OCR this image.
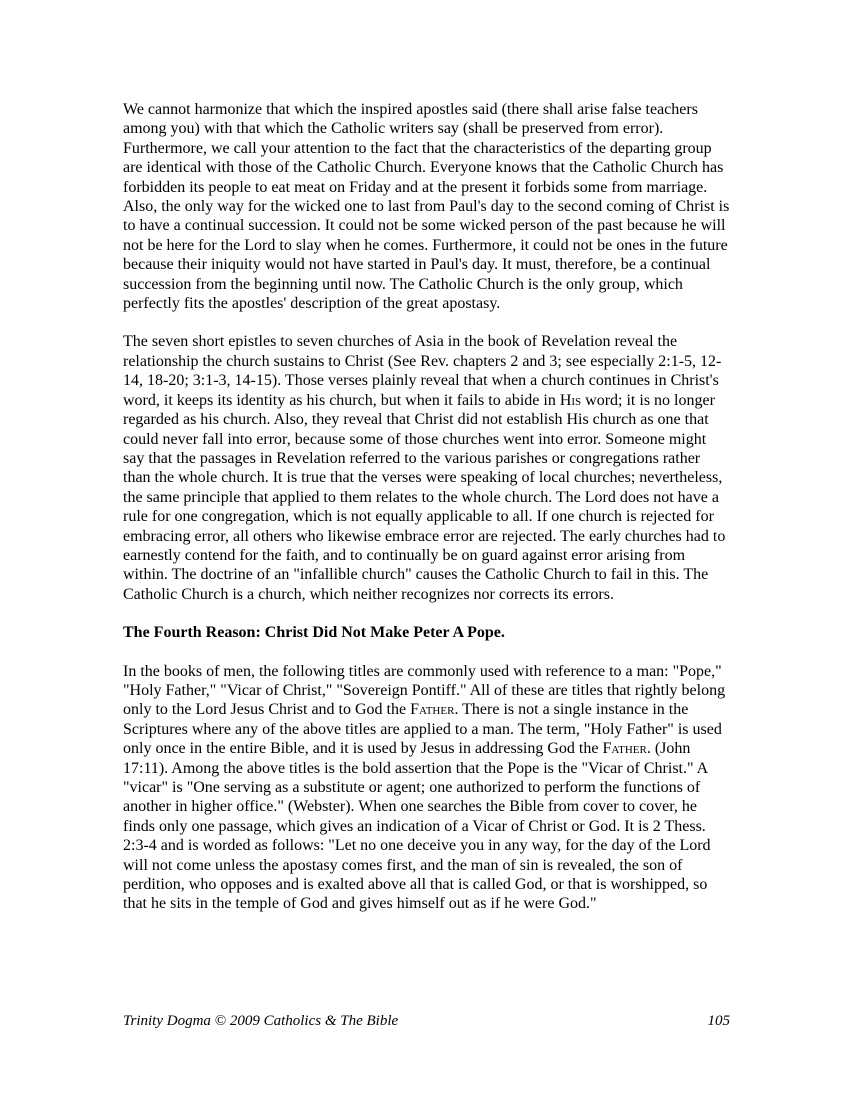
We cannot harmonize that which the inspired apostles said (there shall arise false teachers among you) with that which the Catholic writers say (shall be preserved from error). Furthermore, we call your attention to the fact that the characteristics of the departing group are identical with those of the Catholic Church. Everyone knows that the Catholic Church has forbidden its people to eat meat on Friday and at the present it forbids some from marriage. Also, the only way for the wicked one to last from Paul's day to the second coming of Christ is to have a continual succession. It could not be some wicked person of the past because he will not be here for the Lord to slay when he comes. Furthermore, it could not be ones in the future because their iniquity would not have started in Paul's day. It must, therefore, be a continual succession from the beginning until now. The Catholic Church is the only group, which perfectly fits the apostles' description of the great apostasy.

The seven short epistles to seven churches of Asia in the book of Revelation reveal the relationship the church sustains to Christ (See Rev. chapters 2 and 3; see especially 2:1-5, 12-14, 18-20; 3:1-3, 14-15). Those verses plainly reveal that when a church continues in Christ's word, it keeps its identity as his church, but when it fails to abide in His word; it is no longer regarded as his church. Also, they reveal that Christ did not establish His church as one that could never fall into error, because some of those churches went into error. Someone might say that the passages in Revelation referred to the various parishes or congregations rather than the whole church. It is true that the verses were speaking of local churches; nevertheless, the same principle that applied to them relates to the whole church. The Lord does not have a rule for one congregation, which is not equally applicable to all. If one church is rejected for embracing error, all others who likewise embrace error are rejected. The early churches had to earnestly contend for the faith, and to continually be on guard against error arising from within. The doctrine of an "infallible church" causes the Catholic Church to fail in this. The Catholic Church is a church, which neither recognizes nor corrects its errors.

The Fourth Reason: Christ Did Not Make Peter A Pope.

In the books of men, the following titles are commonly used with reference to a man: "Pope," "Holy Father," "Vicar of Christ," "Sovereign Pontiff." All of these are titles that rightly belong only to the Lord Jesus Christ and to God the Father. There is not a single instance in the Scriptures where any of the above titles are applied to a man. The term, "Holy Father" is used only once in the entire Bible, and it is used by Jesus in addressing God the Father. (John 17:11). Among the above titles is the bold assertion that the Pope is the "Vicar of Christ." A "vicar" is "One serving as a substitute or agent; one authorized to perform the functions of another in higher office." (Webster). When one searches the Bible from cover to cover, he finds only one passage, which gives an indication of a Vicar of Christ or God. It is 2 Thess. 2:3-4 and is worded as follows: "Let no one deceive you in any way, for the day of the Lord will not come unless the apostasy comes first, and the man of sin is revealed, the son of perdition, who opposes and is exalted above all that is called God, or that is worshipped, so that he sits in the temple of God and gives himself out as if he were God."

Trinity Dogma © 2009 Catholics & The Bible	105
